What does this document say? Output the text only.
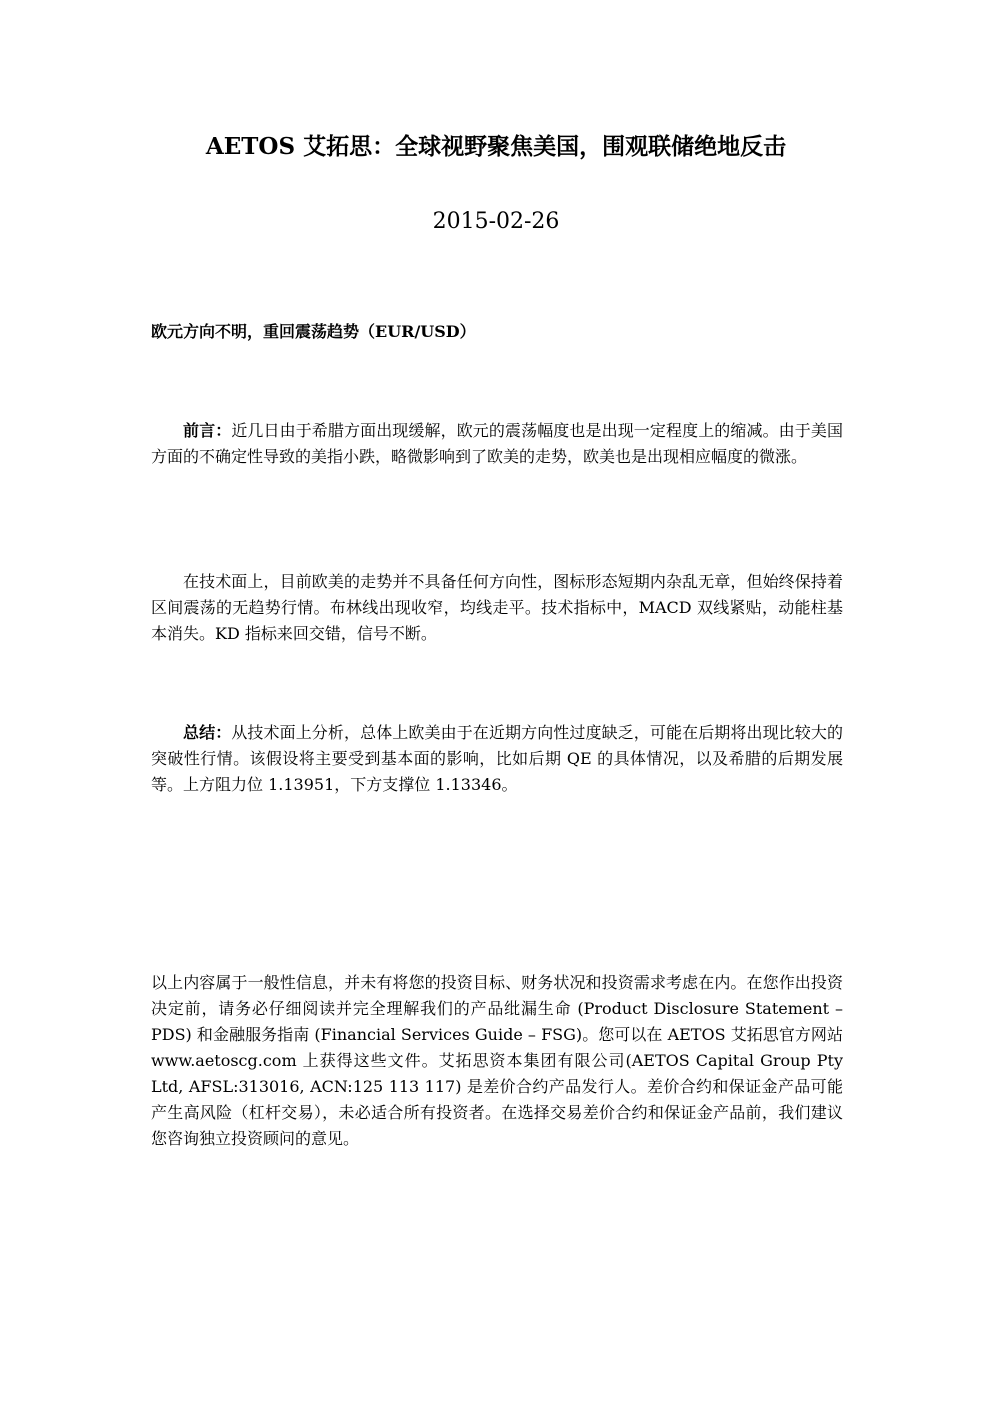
AETOS 艾拓思：全球视野聚焦美国，围观联储绝地反击
2015-02-26
欧元方向不明，重回震荡趋势（EUR/USD）

前言：近几日由于希腊方面出现缓解，欧元的震荡幅度也是出现一定程度上的缩减。由于美国方面的不确定性导致的美指小跌，略微影响到了欧美的走势，欧美也是出现相应幅度的微涨。

在技术面上，目前欧美的走势并不具备任何方向性，图标形态短期内杂乱无章，但始终保持着区间震荡的无趋势行情。布林线出现收窄，均线走平。技术指标中，MACD 双线紧贴，动能柱基本消失。KD 指标来回交错，信号不断。

总结：从技术面上分析，总体上欧美由于在近期方向性过度缺乏，可能在后期将出现比较大的突破性行情。该假设将主要受到基本面的影响，比如后期 QE 的具体情况，以及希腊的后期发展等。上方阻力位 1.13951，下方支撑位 1.13346。

以上内容属于一般性信息，并未有将您的投资目标、财务状况和投资需求考虑在内。在您作出投资决定前，请务必仔细阅读并完全理解我们的产品纰漏生命 (Product Disclosure Statement – PDS) 和金融服务指南 (Financial Services Guide – FSG)。您可以在 AETOS 艾拓思官方网站 www.aetoscg.com 上获得这些文件。艾拓思资本集团有限公司(AETOS Capital Group Pty Ltd, AFSL:313016, ACN:125 113 117) 是差价合约产品发行人。差价合约和保证金产品可能产生高风险（杠杆交易），未必适合所有投资者。在选择交易差价合约和保证金产品前，我们建议您咨询独立投资顾问的意见。
